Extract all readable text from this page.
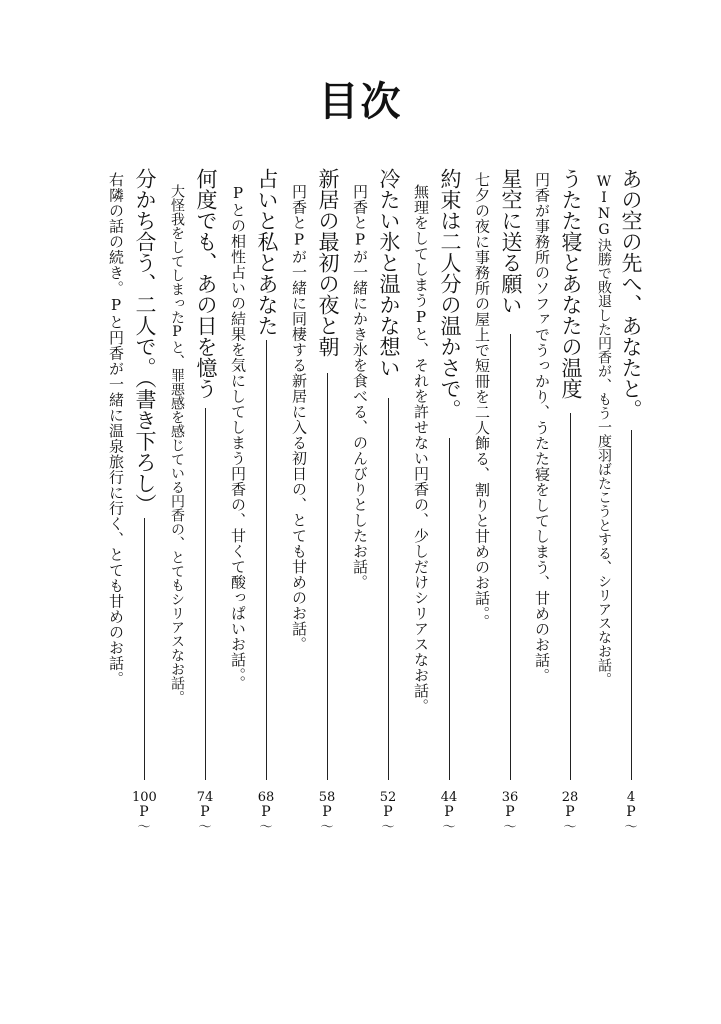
目次
あの空の先へ、あなたと。
4
P
〜
WING決勝で敗退した円香が、もう一度羽ばたこうとする、シリアスなお話。
うたた寝とあなたの温度
28
P
〜
円香が事務所のソファでうっかり、うたた寝をしてしまう、甘めのお話。
星空に送る願い
36
P
〜
七夕の夜に事務所の屋上で短冊を二人飾る、割りと甘めのお話。。
約束は二人分の温かさで。
44
P
〜
無理をしてしまうPと、それを許せない円香の、少しだけシリアスなお話。
冷たい氷と温かな想い
52
P
〜
円香とPが一緒にかき氷を食べる、のんびりとしたお話。
新居の最初の夜と朝
58
P
〜
円香とPが一緒に同棲する新居に入る初日の、とても甘めのお話。
占いと私とあなた
68
P
〜
Pとの相性占いの結果を気にしてしまう円香の、甘くて酸っぱいお話。。
何度でも、あの日を憶う
74
P
〜
大怪我をしてしまったPと、罪悪感を感じている円香の、とてもシリアスなお話。
分かち合う、二人で。（書き下ろし）
100
P
〜
右隣の話の続き。Pと円香が一緒に温泉旅行に行く、とても甘めのお話。
